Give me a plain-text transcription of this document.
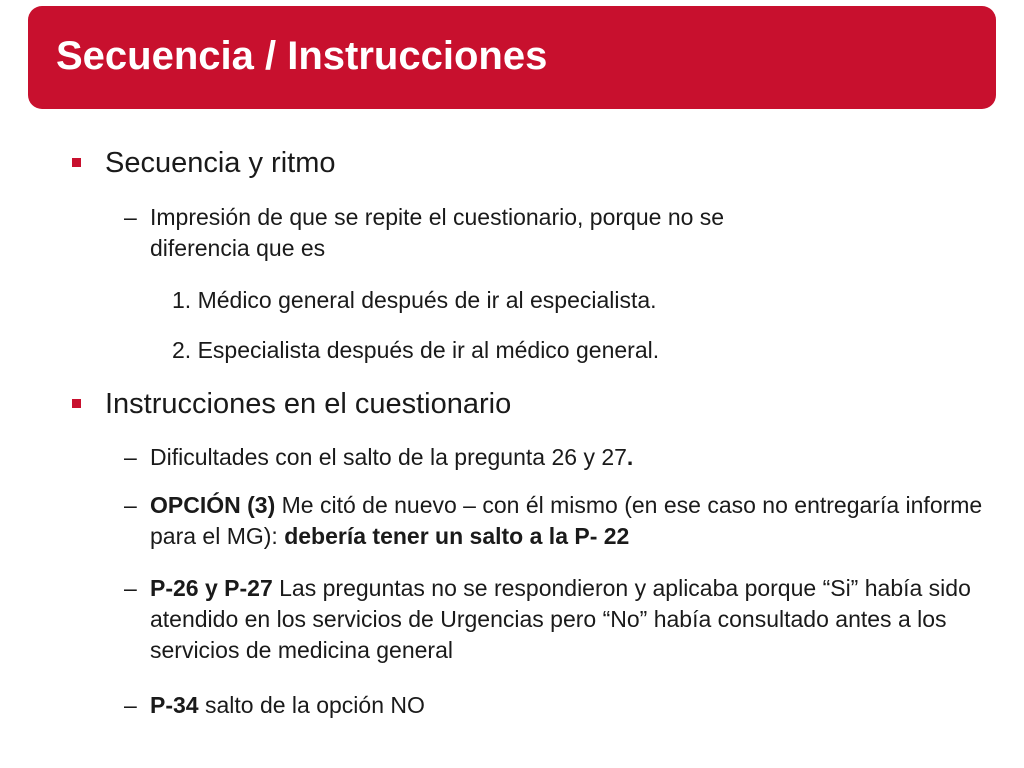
Secuencia / Instrucciones
Secuencia y ritmo
– Impresión de que se repite el cuestionario, porque no se
diferencia que es
1. Médico general después de ir al especialista.
2. Especialista después de ir al médico general.
Instrucciones en el cuestionario
– Dificultades con el salto de la pregunta 26 y 27.
– OPCIÓN (3) Me citó de nuevo – con él mismo (en ese caso no entregaría informe para el MG): debería tener un salto a la P- 22
– P-26 y P-27 Las preguntas no se respondieron y aplicaba porque “Si” había sido atendido en los servicios de Urgencias pero “No” había consultado antes a los servicios de medicina general
– P-34 salto de la opción NO
